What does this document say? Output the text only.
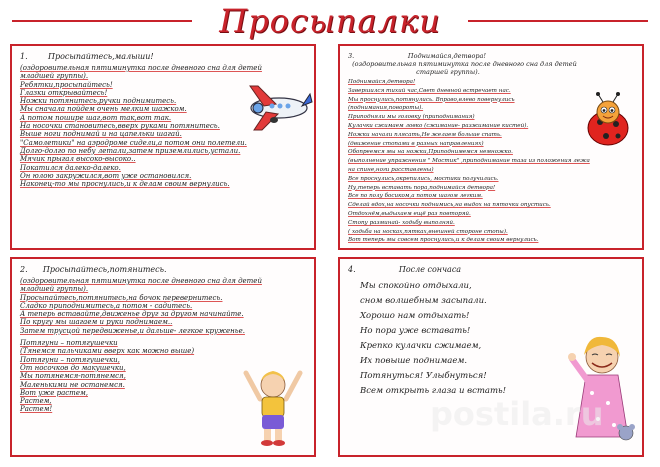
Просыпалки
1.        Просыпайтесь,малыши!
(оздоровительная пятиминутка после дневного сна для детей
младшей группы).
Ребятки,просыпайтесь!
Глазки открывайтесь!
Ножки потянитесь,ручки поднимитесь.
Мы сначала пойдем очень мелким шажком.
А потом пошире шаг,вот так,вот так.
На носочки становитесь,вверх руками потянитесь.
Выше ноги поднимай и на цапельки шагай.
"Самолетики" на аэродроме сидели,а потом они полетели.
Долго-долго по небу летали,затем приземлились,устали.
Мячик прыгал высоко-высоко..
Покатился далеко-далеко.
Он юлою закружился,вот уже остановился.
Наконец-то мы проснулись,и к делам своим вернулись.
3.                          Поднимайся,детвора!
(оздоровительная пятиминутка после дневного сна для детей
старшей группы).
Поднимайся,детвора!
Завершился тихий час,Свет дневной встречает нас.
Мы проснулись,потянулись. Вправо,влево повернулись
(поднимания,повороты).
Приподняли мы головку (приподнимания)
Кулачки сжимаем ловко (сжимание- разжимание кистей).
Ножки начали плясать,Не желаем больше спать.
(движение стопами в разных направлениях)
Обопреемся мы на ножки,Приподнимемся немножко.
(выполнение упражнения " Мостик" ,приподнимание таза из положения лежа
на спине,ноги расставлены)
Все проснулись,окрепились, мостики получились.
Ну,теперь вставать пора,поднимайся детвора!
Все по полу босиком,а потом шагом легким.
Сделай вдох,на носочки поднимись,на выдох на пяточки опустись.
Отдохнём,выдыхаем ещё раз повторяй.
Стопу разминай- ходьбу выполняй.
( ходьба на носках,пятках,внешней стороне стопы).
Вот теперь мы совсем проснулись,и к делам своим вернулись.
2.      Просыпайтесь,потянитесь.
(оздоровительная пятиминутка после дневного сна для детей
младшей группы).
Просыпайтесь,потянитесь,на бочок перевернитесь.
Сладко приподнимитесь,а потом - садитесь.
А теперь вставайте,движенье друг за другом начинайте.
По кругу мы шагаем и руки поднимаем..
Затем трусцой передвиженье,и дальше- легкое круженье.
Потягуни – потягушечки
(Тянемся пальчиками вверх как можно выше)
Потягуни – потягушечки,
От носочков до макушечки,
Мы потянемся-потянемся,
Маленькими не останемся.
Вот уже растем,
Растем,
Растем!
4.                 После сончаса
Мы спокойно отдыхали,
сном волшебным засыпали.
Хорошо нам отдыхать!
Но пора уже вставать!
Крепко кулачки сжимаем,
Их повыше поднимаем.
Потянуться! Улыбнуться!
Всем открыть глаза и встать!
postila.ru
